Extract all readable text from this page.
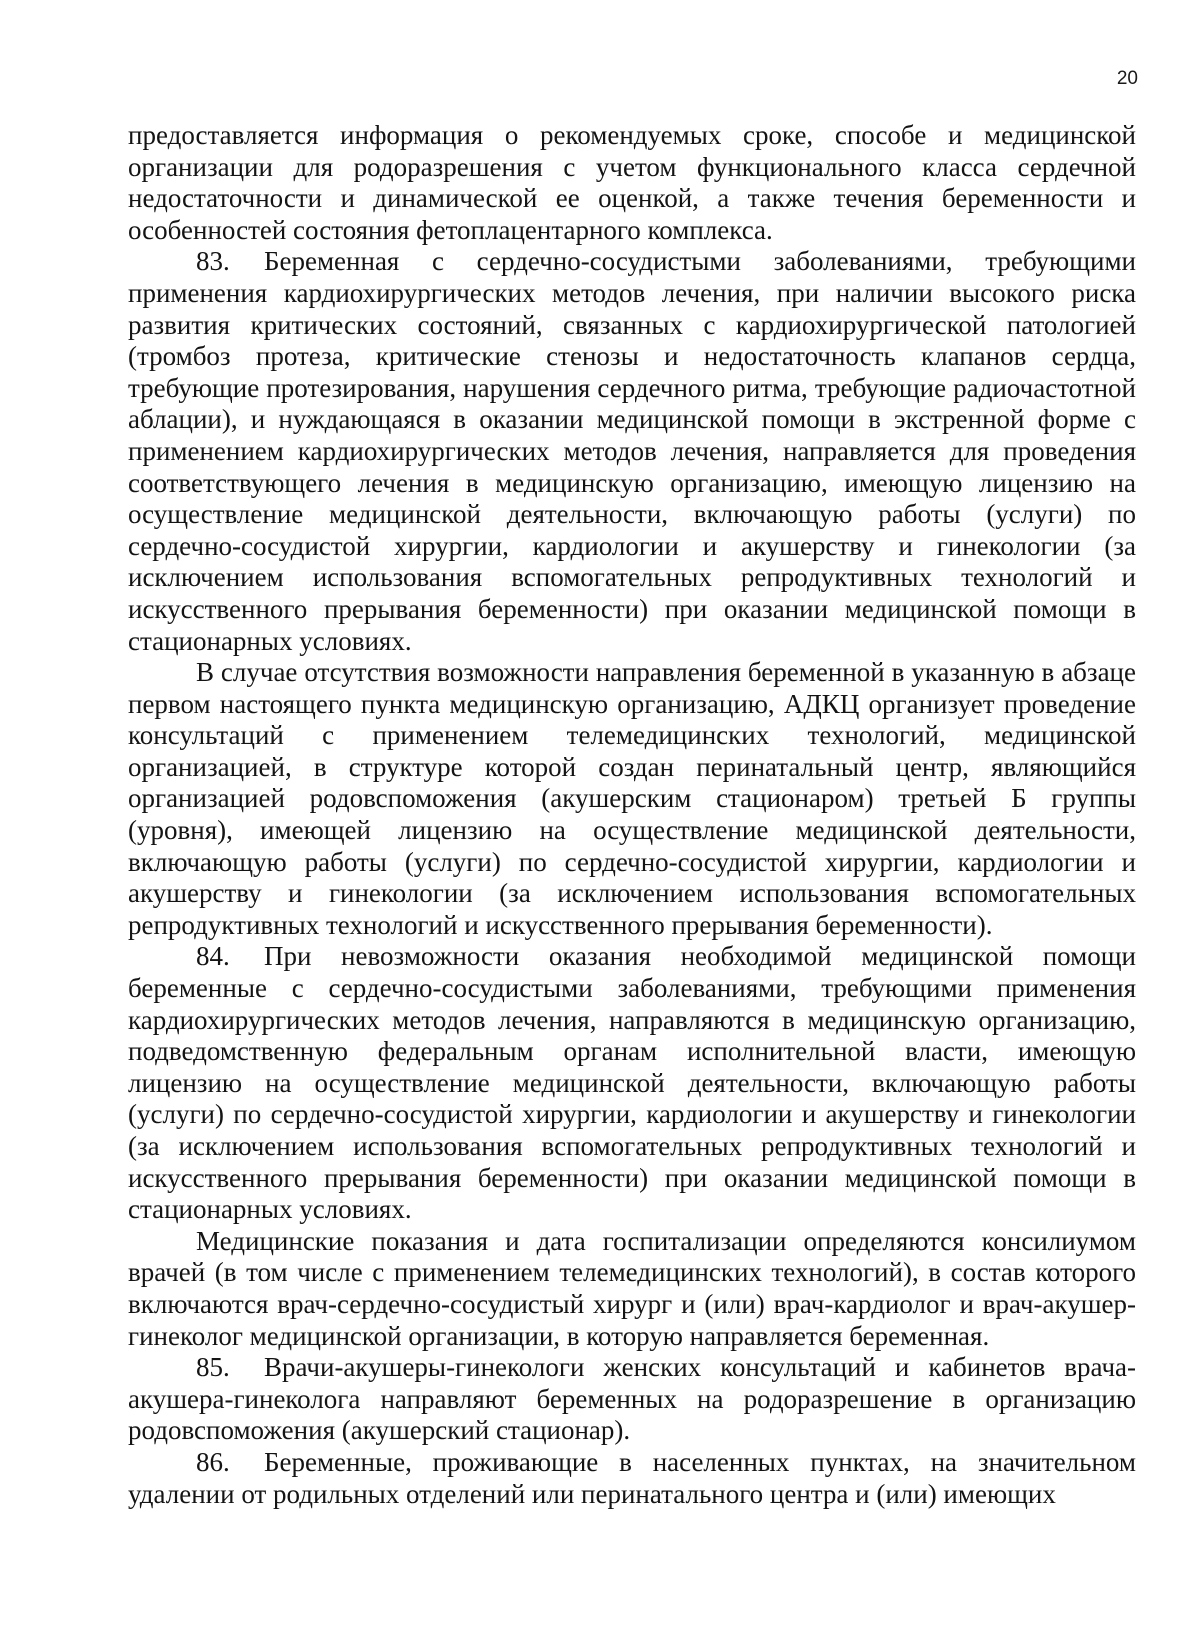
20

предоставляется информация о рекомендуемых сроке, способе и медицинской организации для родоразрешения с учетом функционального класса сердечной недостаточности и динамической ее оценкой, а также течения беременности и особенностей состояния фетоплацентарного комплекса.

83. Беременная с сердечно-сосудистыми заболеваниями, требующими применения кардиохирургических методов лечения, при наличии высокого риска развития критических состояний, связанных с кардиохирургической патологией (тромбоз протеза, критические стенозы и недостаточность клапанов сердца, требующие протезирования, нарушения сердечного ритма, требующие радиочастотной аблации), и нуждающаяся в оказании медицинской помощи в экстренной форме с применением кардиохирургических методов лечения, направляется для проведения соответствующего лечения в медицинскую организацию, имеющую лицензию на осуществление медицинской деятельности, включающую работы (услуги) по сердечно-сосудистой хирургии, кардиологии и акушерству и гинекологии (за исключением использования вспомогательных репродуктивных технологий и искусственного прерывания беременности) при оказании медицинской помощи в стационарных условиях.

В случае отсутствия возможности направления беременной в указанную в абзаце первом настоящего пункта медицинскую организацию, АДКЦ организует проведение консультаций с применением телемедицинских технологий, медицинской организацией, в структуре которой создан перинатальный центр, являющийся организацией родовспоможения (акушерским стационаром) третьей Б группы (уровня), имеющей лицензию на осуществление медицинской деятельности, включающую работы (услуги) по сердечно-сосудистой хирургии, кардиологии и акушерству и гинекологии (за исключением использования вспомогательных репродуктивных технологий и искусственного прерывания беременности).

84. При невозможности оказания необходимой медицинской помощи беременные с сердечно-сосудистыми заболеваниями, требующими применения кардиохирургических методов лечения, направляются в медицинскую организацию, подведомственную федеральным органам исполнительной власти, имеющую лицензию на осуществление медицинской деятельности, включающую работы (услуги) по сердечно-сосудистой хирургии, кардиологии и акушерству и гинекологии (за исключением использования вспомогательных репродуктивных технологий и искусственного прерывания беременности) при оказании медицинской помощи в стационарных условиях.

Медицинские показания и дата госпитализации определяются консилиумом врачей (в том числе с применением телемедицинских технологий), в состав которого включаются врач-сердечно-сосудистый хирург и (или) врач-кардиолог и врач-акушер-гинеколог медицинской организации, в которую направляется беременная.

85. Врачи-акушеры-гинекологи женских консультаций и кабинетов врача-акушера-гинеколога направляют беременных на родоразрешение в организацию родовспоможения (акушерский стационар).

86. Беременные, проживающие в населенных пунктах, на значительном удалении от родильных отделений или перинатального центра и (или) имеющих
